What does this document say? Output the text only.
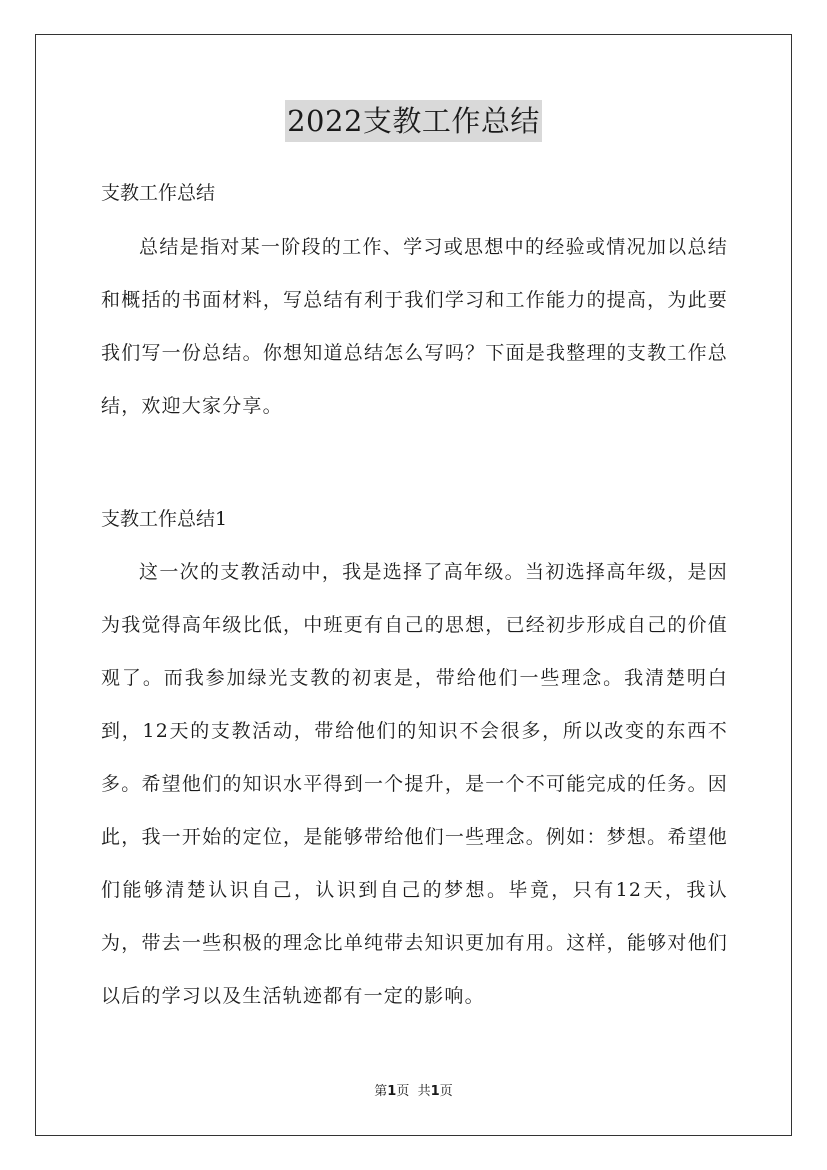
2022支教工作总结
支教工作总结

总结是指对某一阶段的工作、学习或思想中的经验或情况加以总结和概括的书面材料，写总结有利于我们学习和工作能力的提高，为此要我们写一份总结。你想知道总结怎么写吗？下面是我整理的支教工作总结，欢迎大家分享。

支教工作总结1

这一次的支教活动中，我是选择了高年级。当初选择高年级，是因为我觉得高年级比低，中班更有自己的思想，已经初步形成自己的价值观了。而我参加绿光支教的初衷是，带给他们一些理念。我清楚明白到，12天的支教活动，带给他们的知识不会很多，所以改变的东西不多。希望他们的知识水平得到一个提升，是一个不可能完成的任务。因此，我一开始的定位，是能够带给他们一些理念。例如：梦想。希望他们能够清楚认识自己，认识到自己的梦想。毕竟，只有12天，我认为，带去一些积极的理念比单纯带去知识更加有用。这样，能够对他们以后的学习以及生活轨迹都有一定的影响。

第1页 共1页
